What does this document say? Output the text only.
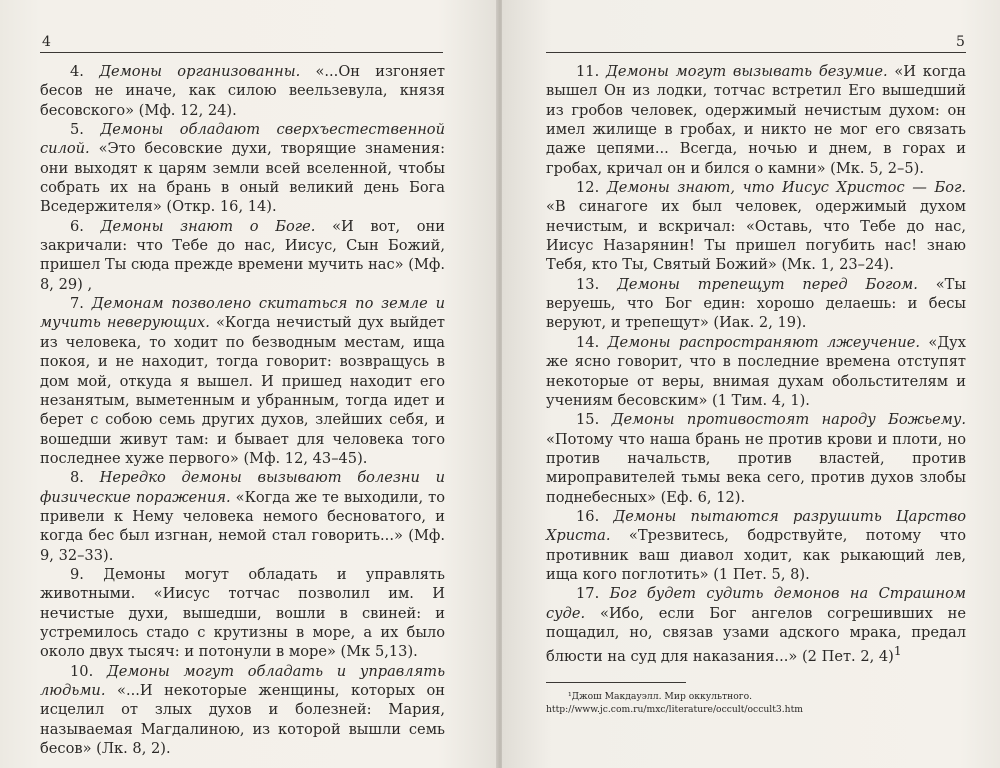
4

4. Демоны организованны. «...Он изгоняет бесов не иначе, как силою веельзевула, князя бесовского» (Мф. 12, 24).

5. Демоны обладают сверхъестественной силой. «Это бесовские духи, творящие знамения: они выходят к царям земли всей вселенной, чтобы собрать их на брань в оный великий день Бога Вседержителя» (Откр. 16, 14).

6. Демоны знают о Боге. «И вот, они закричали: что Тебе до нас, Иисус, Сын Божий, пришел Ты сюда прежде времени мучить нас» (Мф. 8, 29) ,

7. Демонам позволено скитаться по земле и мучить неверующих. «Когда нечистый дух выйдет из человека, то ходит по безводным местам, ища покоя, и не находит, тогда говорит: возвращусь в дом мой, откуда я вышел. И пришед находит его незанятым, выметенным и убранным, тогда идет и берет с собою семь других духов, злейших себя, и вошедши живут там: и бывает для человека того последнее хуже первого» (Мф. 12, 43–45).

8. Нередко демоны вызывают болезни и физические поражения. «Когда же те выходили, то привели к Нему человека немого бесноватого, и когда бес был изгнан, немой стал говорить...» (Мф. 9, 32–33).

9. Демоны могут обладать и управлять животными. «Иисус тотчас позволил им. И нечистые духи, вышедши, вошли в свиней: и устремилось стадо с крутизны в море, а их было около двух тысяч: и потонули в море» (Мк 5,13).

10. Демоны могут обладать и управлять людьми. «...И некоторые женщины, которых он исцелил от злых духов и болезней: Мария, называемая Магдалиною, из которой вышли семь бесов» (Лк. 8, 2).

5

11. Демоны могут вызывать безумие. «И когда вышел Он из лодки, тотчас встретил Его вышедший из гробов человек, одержимый нечистым духом: он имел жилище в гробах, и никто не мог его связать даже цепями... Всегда, ночью и днем, в горах и гробах, кричал он и бился о камни» (Мк. 5, 2–5).

12. Демоны знают, что Иисус Христос — Бог. «В синагоге их был человек, одержимый духом нечистым, и вскричал: «Оставь, что Тебе до нас, Иисус Назарянин! Ты пришел погубить нас! знаю Тебя, кто Ты, Святый Божий» (Мк. 1, 23–24).

13. Демоны трепещут перед Богом. «Ты веруешь, что Бог един: хорошо делаешь: и бесы веруют, и трепещут» (Иак. 2, 19).

14. Демоны распространяют лжеучение. «Дух же ясно говорит, что в последние времена отступят некоторые от веры, внимая духам обольстителям и учениям бесовским» (1 Тим. 4, 1).

15. Демоны противостоят народу Божьему. «Потому что наша брань не против крови и плоти, но против начальств, против властей, против мироправителей тьмы века сего, против духов злобы поднебесных» (Еф. 6, 12).

16. Демоны пытаются разрушить Царство Христа. «Трезвитесь, бодрствуйте, потому что противник ваш диавол ходит, как рыкающий лев, ища кого поглотить» (1 Пет. 5, 8).

17. Бог будет судить демонов на Страшном суде. «Ибо, если Бог ангелов согрешивших не пощадил, но, связав узами адского мрака, предал блюсти на суд для наказания...» (2 Пет. 2, 4)$^1$

¹Джош Макдауэлл. Мир оккультного. http://www.jc.com.ru/mxc/literature/occult/occult3.htm
